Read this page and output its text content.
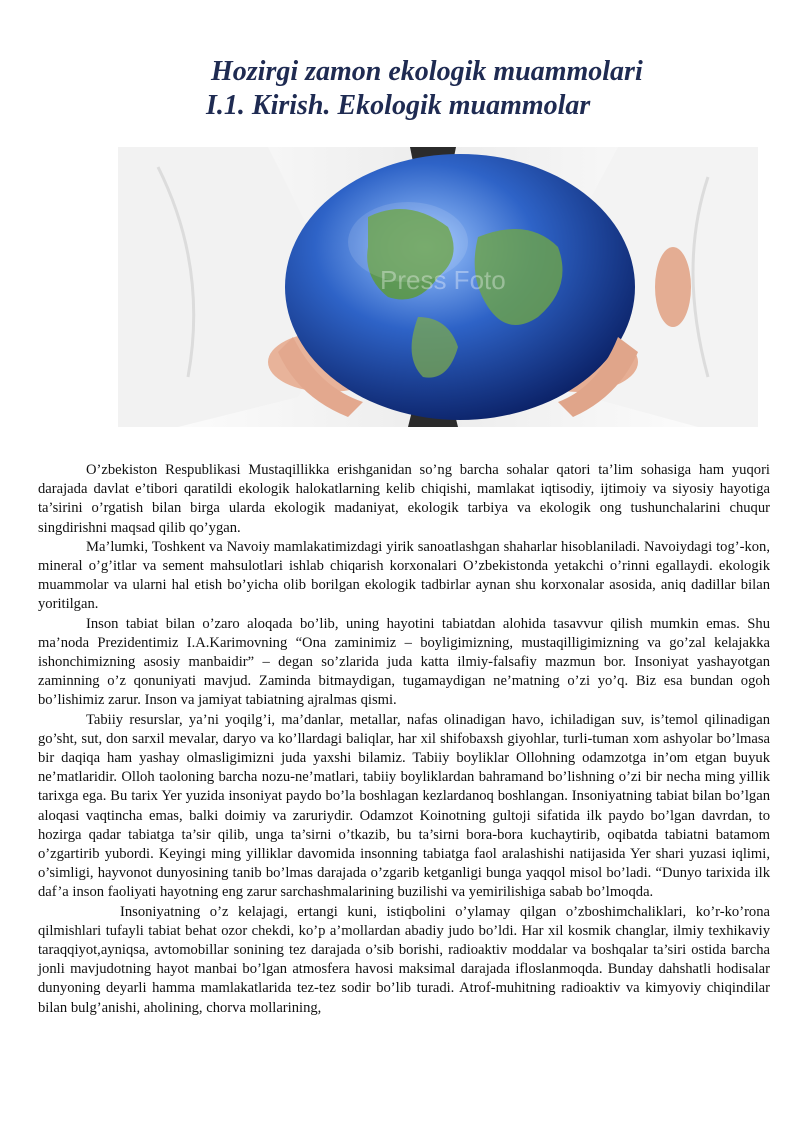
Hozirgi zamon ekologik muammolari
I.1. Kirish. Ekologik muammolar
Press Foto

O’zbekiston Respublikasi Mustaqillikka erishganidan so’ng barcha sohalar qatori ta’lim sohasiga ham yuqori darajada davlat e’tibori qaratildi ekologik halokatlarning kelib chiqishi, mamlakat iqtisodiy, ijtimoiy va siyosiy hayotiga ta’sirini o’rgatish bilan birga ularda ekologik madaniyat, ekologik tarbiya va ekologik ong tushunchalarini chuqur singdirishni maqsad qilib qo’ygan.

Ma’lumki, Toshkent va Navoiy mamlakatimizdagi yirik sanoatlashgan shaharlar hisoblaniladi. Navoiydagi tog’-kon, mineral o’g’itlar va sement mahsulotlari ishlab chiqarish korxonalari O’zbekistonda yetakchi o’rinni egallaydi. ekologik muammolar va ularni hal etish bo’yicha olib borilgan ekologik tadbirlar aynan shu korxonalar asosida, aniq dadillar bilan yoritilgan.

Inson tabiat bilan o’zaro aloqada bo’lib, uning hayotini tabiatdan alohida tasavvur qilish mumkin emas. Shu ma’noda Prezidentimiz I.A.Karimovning “Ona zaminimiz – boyligimizning, mustaqilligimizning va go’zal kelajakka ishonchimizning asosiy manbaidir” – degan so’zlarida juda katta ilmiy-falsafiy mazmun bor. Insoniyat yashayotgan zaminning o’z qonuniyati mavjud. Zaminda bitmaydigan, tugamaydigan ne’matning o’zi yo’q. Biz esa bundan ogoh bo’lishimiz zarur. Inson va jamiyat tabiatning ajralmas qismi.

Tabiiy resurslar, ya’ni yoqilg’i, ma’danlar, metallar, nafas olinadigan havo, ichiladigan suv, is’temol qilinadigan go’sht, sut, don sarxil mevalar, daryo va ko’llardagi baliqlar, har xil shifobaxsh giyohlar, turli-tuman xom ashyolar bo’lmasa bir daqiqa ham yashay olmasligimizni juda yaxshi bilamiz. Tabiiy boyliklar Ollohning odamzotga in’om etgan buyuk ne’matlaridir. Olloh taoloning barcha nozu-ne’matlari, tabiiy boyliklardan bahramand bo’lishning o’zi bir necha ming yillik tarixga ega. Bu tarix Yer yuzida insoniyat paydo bo’la boshlagan kezlardanoq boshlangan. Insoniyatning tabiat bilan bo’lgan aloqasi vaqtincha emas, balki doimiy va zaruriydir. Odamzot Koinotning gultoji sifatida ilk paydo bo’lgan davrdan, to hozirga qadar tabiatga ta’sir qilib, unga ta’sirni o’tkazib, bu ta’sirni bora-bora kuchaytirib, oqibatda tabiatni batamom o’zgartirib yubordi. Keyingi ming yilliklar davomida insonning tabiatga faol aralashishi natijasida Yer shari yuzasi iqlimi, o’simligi, hayvonot dunyosining tanib bo’lmas darajada o’zgarib ketganligi bunga yaqqol misol bo’ladi. “Dunyo tarixida ilk daf’a inson faoliyati hayotning eng zarur sarchashmalarining buzilishi va yemirilishiga sabab bo’lmoqda.

Insoniyatning o’z kelajagi, ertangi kuni, istiqbolini o’ylamay qilgan o’zboshimchaliklari, ko’r-ko’rona qilmishlari tufayli tabiat behat ozor chekdi, ko’p a’mollardan abadiy judo bo’ldi. Har xil kosmik changlar, ilmiy texhikaviy taraqqiyot,ayniqsa, avtomobillar sonining tez darajada o’sib borishi, radioaktiv moddalar va boshqalar ta’siri ostida barcha jonli mavjudotning hayot manbai bo’lgan atmosfera havosi maksimal darajada ifloslanmoqda. Bunday dahshatli hodisalar dunyoning deyarli hamma mamlakatlarida tez-tez sodir bo’lib turadi. Atrof-muhitning radioaktiv va kimyoviy chiqindilar bilan bulg’anishi, aholining, chorva mollarining,
